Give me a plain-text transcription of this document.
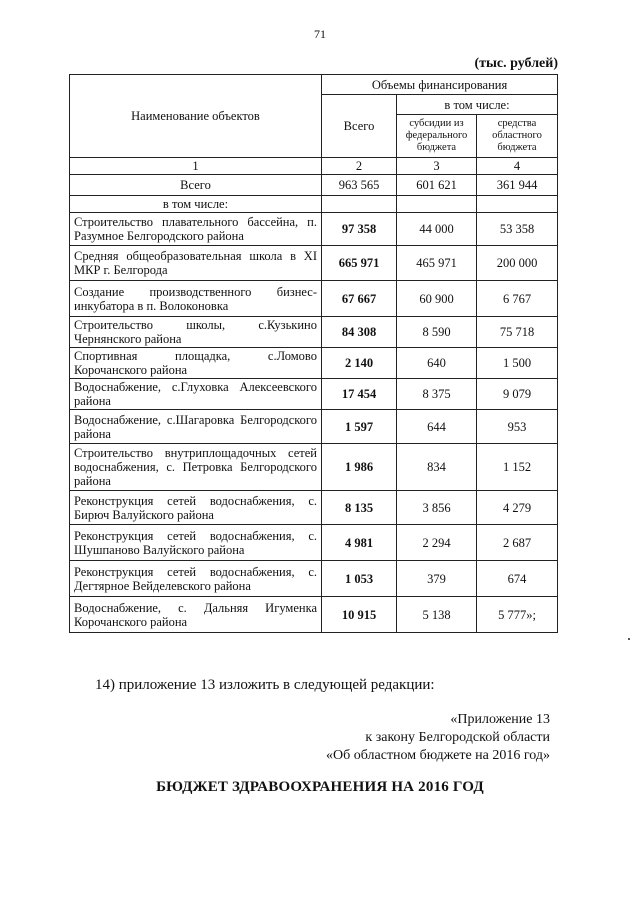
71
(тыс. рублей)
Наименование объектов	Объемы финансирования		
	Всего	в том числе:	
		субсидии из федерального бюджета	средства областного бюджета
1	2	3	4
Всего	963 565	601 621	361 944
в том числе:			
Строительство плавательного бассейна, п. Разумное Белгородского района	97 358	44 000	53 358
Средняя общеобразовательная школа в XI МКР г. Белгорода	665 971	465 971	200 000
Создание производственного бизнес-инкубатора в п. Волоконовка	67 667	60 900	6 767
Строительство школы, с.Кузькино Чернянского района	84 308	8 590	75 718
Спортивная площадка, с.Ломово Корочанского района	2 140	640	1 500
Водоснабжение, с.Глуховка Алексеевского района	17 454	8 375	9 079
Водоснабжение, с.Шагаровка Белгородского района	1 597	644	953
Строительство внутриплощадочных сетей водоснабжения, с. Петровка Белгородского района	1 986	834	1 152
Реконструкция сетей водоснабжения, с. Бирюч Валуйского района	8 135	3 856	4 279
Реконструкция сетей водоснабжения, с. Шушпаново Валуйского района	4 981	2 294	2 687
Реконструкция сетей водоснабжения, с. Дегтярное Вейделевского района	1 053	379	674
Водоснабжение, с. Дальняя Игуменка Корочанского района	10 915	5 138	5 777»;
14) приложение 13 изложить в следующей редакции:
«Приложение 13
к закону Белгородской области
«Об областном бюджете на 2016 год»
БЮДЖЕТ ЗДРАВООХРАНЕНИЯ НА 2016 ГОД
